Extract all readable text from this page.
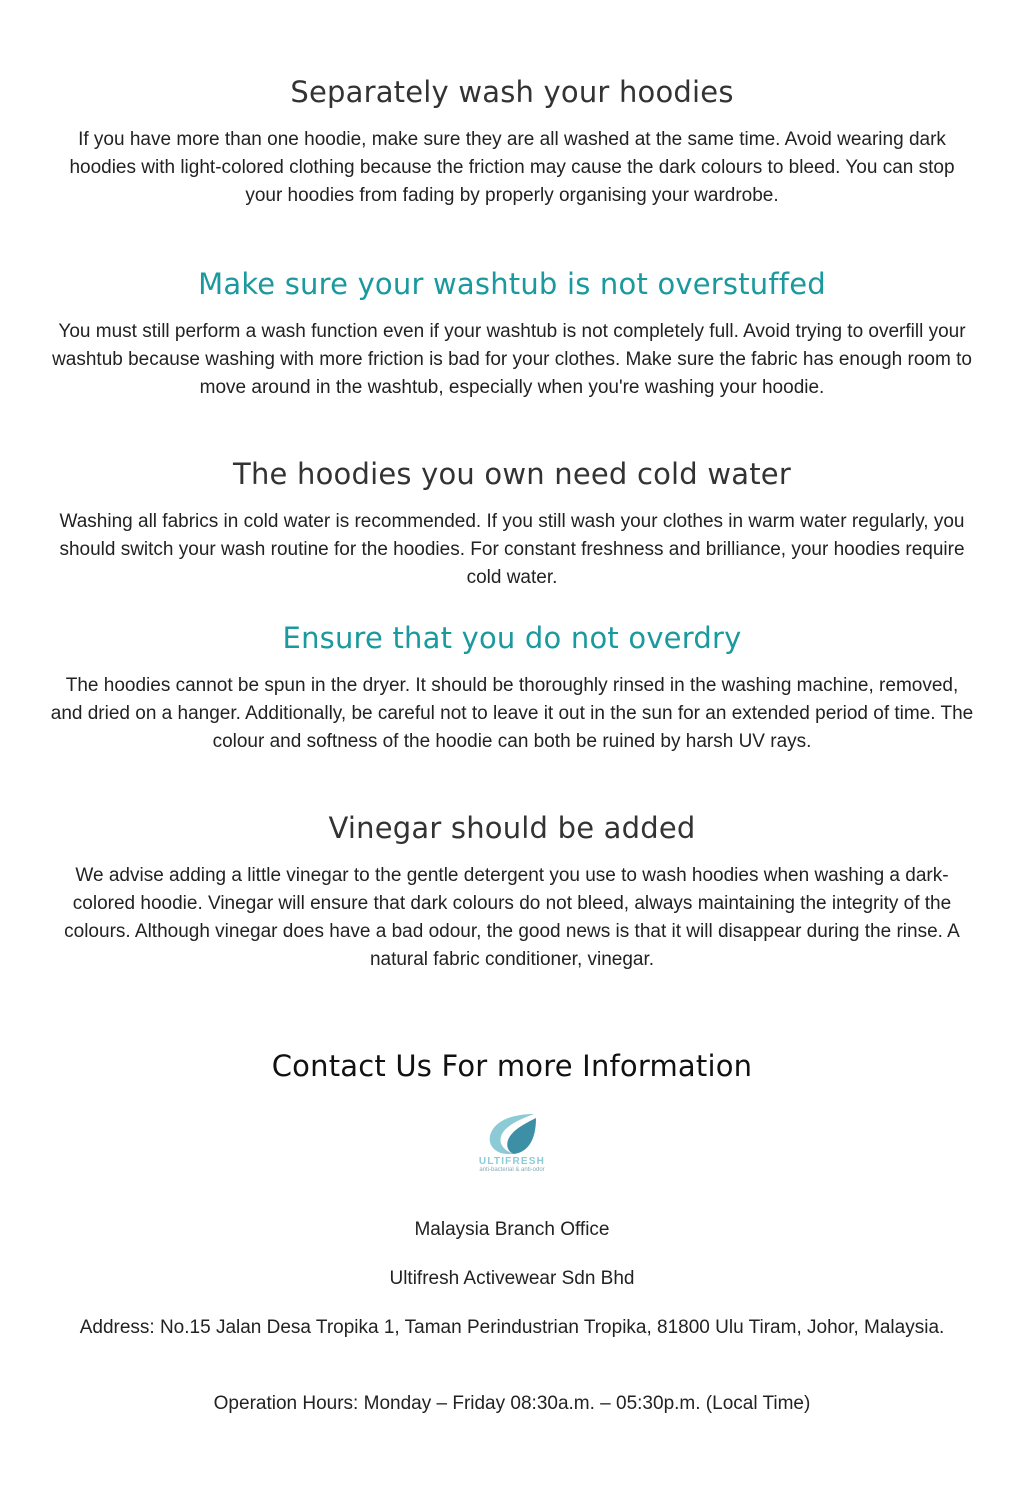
Separately wash your hoodies

If you have more than one hoodie, make sure they are all washed at the same time. Avoid wearing dark hoodies with light-colored clothing because the friction may cause the dark colours to bleed. You can stop your hoodies from fading by properly organising your wardrobe.

Make sure your washtub is not overstuffed

You must still perform a wash function even if your washtub is not completely full. Avoid trying to overfill your washtub because washing with more friction is bad for your clothes. Make sure the fabric has enough room to move around in the washtub, especially when you're washing your hoodie.

The hoodies you own need cold water

Washing all fabrics in cold water is recommended. If you still wash your clothes in warm water regularly, you should switch your wash routine for the hoodies. For constant freshness and brilliance, your hoodies require cold water.

Ensure that you do not overdry

The hoodies cannot be spun in the dryer. It should be thoroughly rinsed in the washing machine, removed, and dried on a hanger. Additionally, be careful not to leave it out in the sun for an extended period of time. The colour and softness of the hoodie can both be ruined by harsh UV rays.

Vinegar should be added

We advise adding a little vinegar to the gentle detergent you use to wash hoodies when washing a dark-colored hoodie. Vinegar will ensure that dark colours do not bleed, always maintaining the integrity of the colours. Although vinegar does have a bad odour, the good news is that it will disappear during the rinse. A natural fabric conditioner, vinegar.

Contact Us For more Information
ULTIFRESH
anti-bacterial & anti-odor

Malaysia Branch Office

Ultifresh Activewear Sdn Bhd

Address: No.15 Jalan Desa Tropika 1, Taman Perindustrian Tropika, 81800 Ulu Tiram, Johor, Malaysia.

Operation Hours: Monday – Friday 08:30a.m. – 05:30p.m. (Local Time)
